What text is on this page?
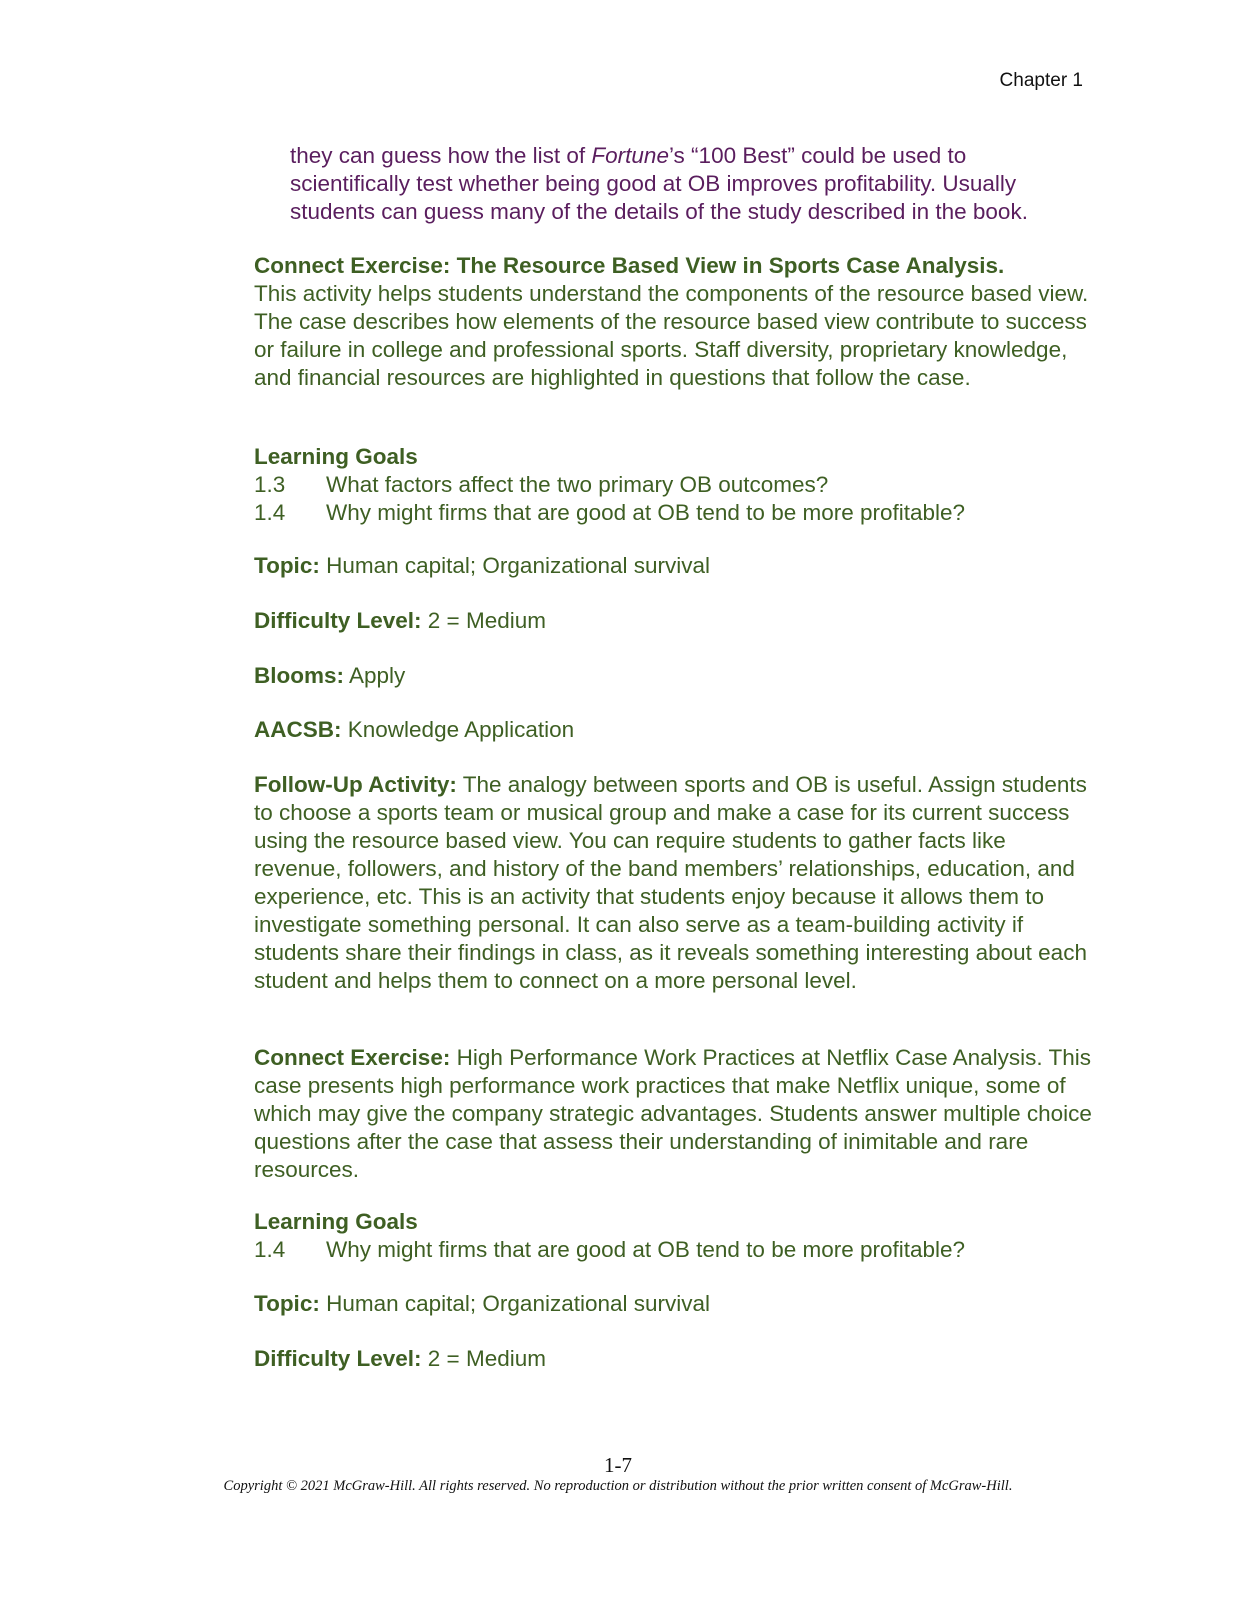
Chapter 1
they can guess how the list of Fortune’s “100 Best” could be used to scientifically test whether being good at OB improves profitability. Usually students can guess many of the details of the study described in the book.
Connect Exercise: The Resource Based View in Sports Case Analysis.
This activity helps students understand the components of the resource based view. The case describes how elements of the resource based view contribute to success or failure in college and professional sports. Staff diversity, proprietary knowledge, and financial resources are highlighted in questions that follow the case.
Learning Goals
1.3	What factors affect the two primary OB outcomes?
1.4	Why might firms that are good at OB tend to be more profitable?
Topic: Human capital; Organizational survival
Difficulty Level: 2 = Medium
Blooms: Apply
AACSB: Knowledge Application
Follow-Up Activity: The analogy between sports and OB is useful. Assign students to choose a sports team or musical group and make a case for its current success using the resource based view. You can require students to gather facts like revenue, followers, and history of the band members’ relationships, education, and experience, etc. This is an activity that students enjoy because it allows them to investigate something personal. It can also serve as a team-building activity if students share their findings in class, as it reveals something interesting about each student and helps them to connect on a more personal level.
Connect Exercise: High Performance Work Practices at Netflix Case Analysis. This case presents high performance work practices that make Netflix unique, some of which may give the company strategic advantages. Students answer multiple choice questions after the case that assess their understanding of inimitable and rare resources.
Learning Goals
1.4	Why might firms that are good at OB tend to be more profitable?
Topic: Human capital; Organizational survival
Difficulty Level: 2 = Medium
1-7
Copyright © 2021 McGraw-Hill. All rights reserved. No reproduction or distribution without the prior written consent of McGraw-Hill.
